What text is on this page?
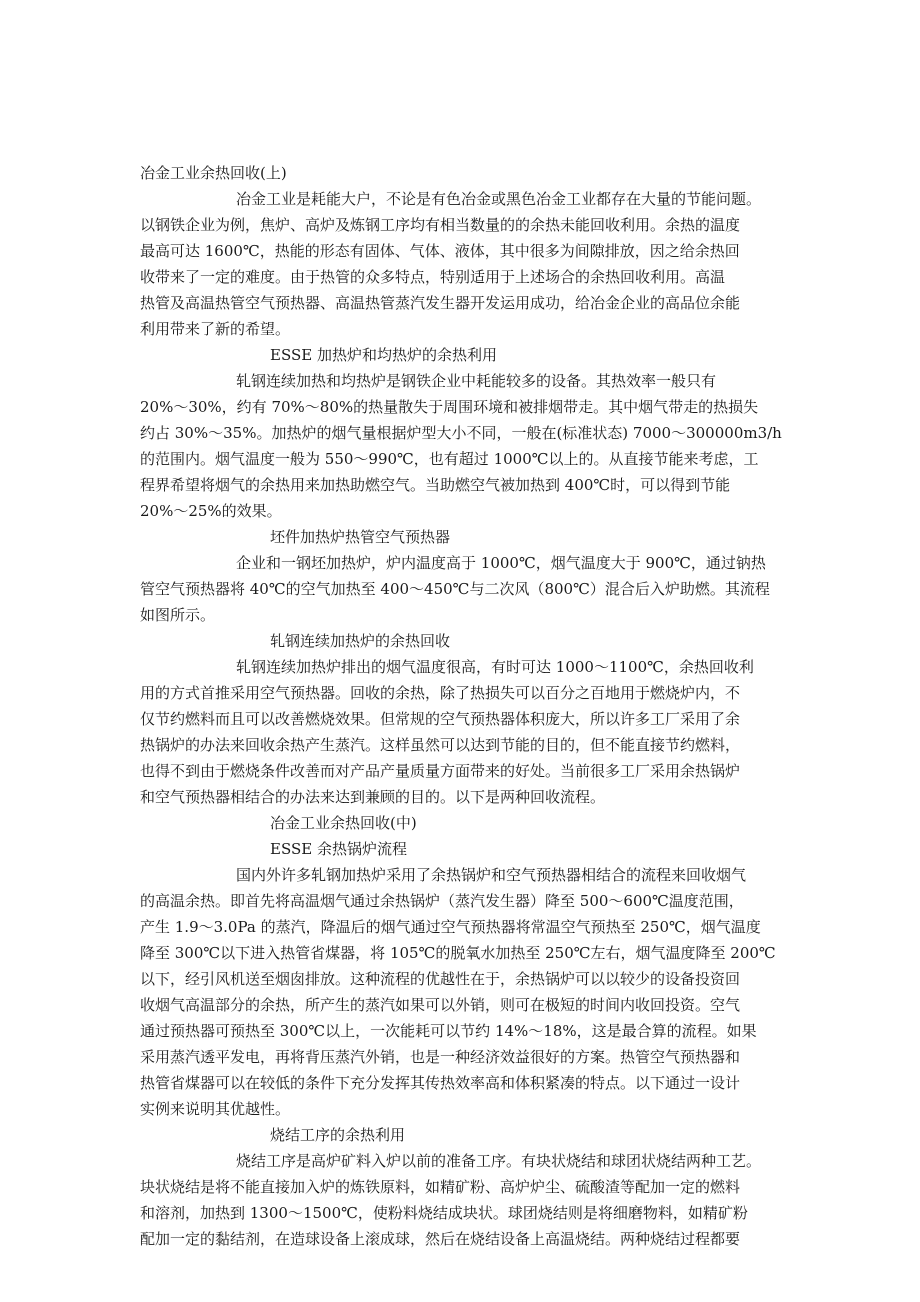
冶金工业余热回收(上)
冶金工业是耗能大户，不论是有色冶金或黑色冶金工业都存在大量的节能问题。
以钢铁企业为例，焦炉、高炉及炼钢工序均有相当数量的的余热未能回收利用。余热的温度
最高可达 1600℃，热能的形态有固体、气体、液体，其中很多为间隙排放，因之给余热回
收带来了一定的难度。由于热管的众多特点，特别适用于上述场合的余热回收利用。高温
热管及高温热管空气预热器、高温热管蒸汽发生器开发运用成功，给冶金企业的高品位余能
利用带来了新的希望。
ESSE 加热炉和均热炉的余热利用
轧钢连续加热和均热炉是钢铁企业中耗能较多的设备。其热效率一般只有
20%～30%，约有 70%～80%的热量散失于周围环境和被排烟带走。其中烟气带走的热损失
约占 30%～35%。加热炉的烟气量根据炉型大小不同，一般在(标准状态) 7000～300000m3/h
的范围内。烟气温度一般为 550～990℃，也有超过 1000℃以上的。从直接节能来考虑，工
程界希望将烟气的余热用来加热助燃空气。当助燃空气被加热到 400℃时，可以得到节能
20%～25%的效果。
坯件加热炉热管空气预热器
企业和一钢坯加热炉，炉内温度高于 1000℃，烟气温度大于 900℃，通过钠热
管空气预热器将 40℃的空气加热至 400～450℃与二次风（800℃）混合后入炉助燃。其流程
如图所示。
轧钢连续加热炉的余热回收
轧钢连续加热炉排出的烟气温度很高，有时可达 1000～1100℃，余热回收利
用的方式首推采用空气预热器。回收的余热，除了热损失可以百分之百地用于燃烧炉内，不
仅节约燃料而且可以改善燃烧效果。但常规的空气预热器体积庞大，所以许多工厂采用了余
热锅炉的办法来回收余热产生蒸汽。这样虽然可以达到节能的目的，但不能直接节约燃料，
也得不到由于燃烧条件改善而对产品产量质量方面带来的好处。当前很多工厂采用余热锅炉
和空气预热器相结合的办法来达到兼顾的目的。以下是两种回收流程。
冶金工业余热回收(中)
ESSE 余热锅炉流程
国内外许多轧钢加热炉采用了余热锅炉和空气预热器相结合的流程来回收烟气
的高温余热。即首先将高温烟气通过余热锅炉（蒸汽发生器）降至 500～600℃温度范围，
产生 1.9～3.0Pa 的蒸汽，降温后的烟气通过空气预热器将常温空气预热至 250℃，烟气温度
降至 300℃以下进入热管省煤器，将 105℃的脱氧水加热至 250℃左右，烟气温度降至 200℃
以下，经引风机送至烟囱排放。这种流程的优越性在于，余热锅炉可以以较少的设备投资回
收烟气高温部分的余热，所产生的蒸汽如果可以外销，则可在极短的时间内收回投资。空气
通过预热器可预热至 300℃以上，一次能耗可以节约 14%～18%，这是最合算的流程。如果
采用蒸汽透平发电，再将背压蒸汽外销，也是一种经济效益很好的方案。热管空气预热器和
热管省煤器可以在较低的条件下充分发挥其传热效率高和体积紧凑的特点。以下通过一设计
实例来说明其优越性。
烧结工序的余热利用
烧结工序是高炉矿料入炉以前的准备工序。有块状烧结和球团状烧结两种工艺。
块状烧结是将不能直接加入炉的炼铁原料，如精矿粉、高炉炉尘、硫酸渣等配加一定的燃料
和溶剂，加热到 1300～1500℃，使粉料烧结成块状。球团烧结则是将细磨物料，如精矿粉
配加一定的黏结剂，在造球设备上滚成球，然后在烧结设备上高温烧结。两种烧结过程都要
